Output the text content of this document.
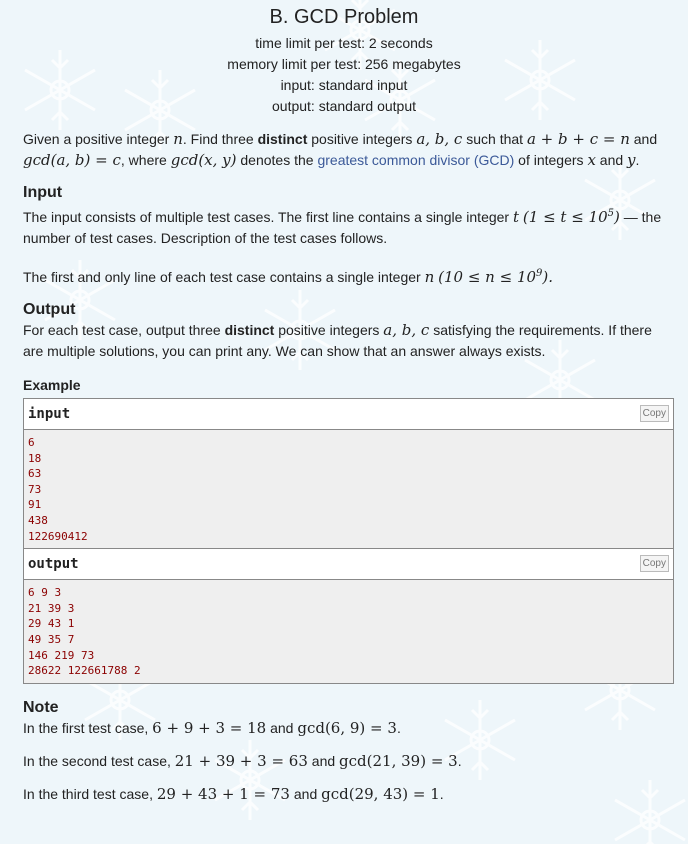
B. GCD Problem
time limit per test: 2 seconds
memory limit per test: 256 megabytes
input: standard input
output: standard output

Given a positive integer n. Find three distinct positive integers a, b, c such that a + b + c = n and
gcd(a, b) = c, where gcd(x, y) denotes the greatest common divisor (GCD) of integers x and y.

Input

The input consists of multiple test cases. The first line contains a single integer t $(1 \le t \le 10^5)$ — the number of test cases. Description of the test cases follows.

The first and only line of each test case contains a single integer n $(10 \le n \le 10^9)$.

Output

For each test case, output three distinct positive integers a, b, c satisfying the requirements. If there are multiple solutions, you can print any. We can show that an answer always exists.

Example
input	Copy
6
18
63
73
91
438
122690412
output	Copy
6 9 3
21 39 3
29 43 1
49 35 7
146 219 73
28622 122661788 2
Note

In the first test case, 6 + 9 + 3 = 18 and gcd(6, 9) = 3.

In the second test case, 21 + 39 + 3 = 63 and gcd(21, 39) = 3.

In the third test case, 29 + 43 + 1 = 73 and gcd(29, 43) = 1.
